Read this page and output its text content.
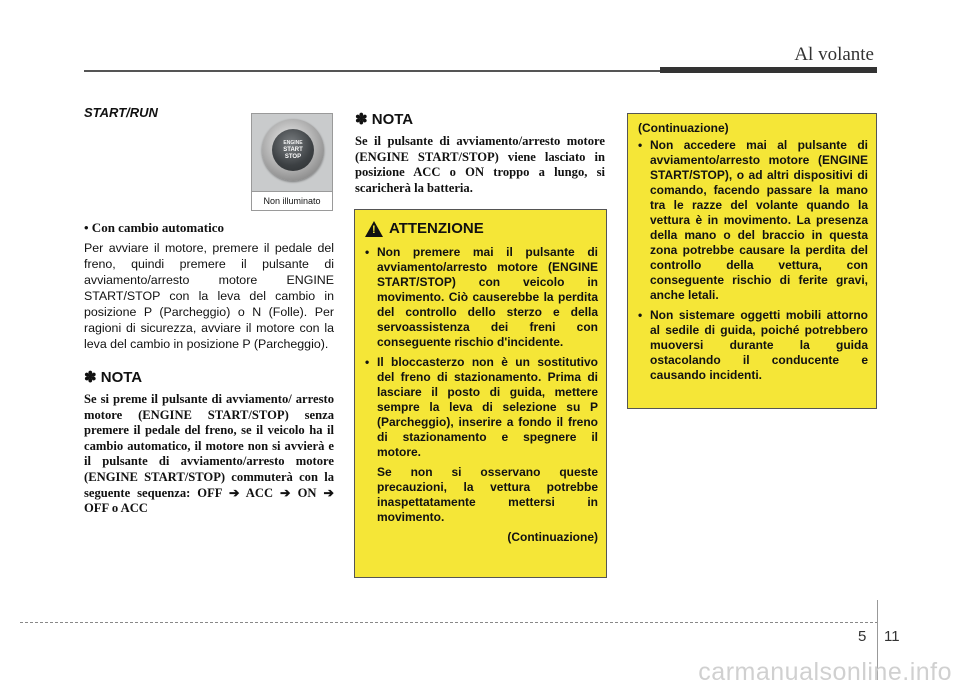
Al volante

START/RUN

• Con cambio automatico

Per avviare il motore, premere il pedale del freno, quindi premere il pulsante di avviamento/arresto motore ENGINE START/STOP con la leva del cambio in posizione P (Parcheggio) o N (Folle). Per ragioni di sicurezza, avviare il motore con la leva del cambio in posizione P (Parcheggio).

✽ NOTA

Se si preme il pulsante di avviamento/ arresto motore (ENGINE START/STOP) senza premere il pedale del freno, se il veicolo ha il cambio automatico, il motore non si avvierà e il pulsante di avviamento/arresto motore (ENGINE START/STOP) commuterà con la seguente sequenza: OFF ➔ ACC ➔ ON ➔ OFF o ACC

ENGINE
START
STOP
Non illuminato
✽ NOTA

Se il pulsante di avviamento/arresto motore (ENGINE START/STOP) viene lasciato in posizione ACC o ON troppo a lungo, si scaricherà la batteria.

!
ATTENZIONE
• Non premere mai il pulsante di avviamento/arresto motore (ENGINE START/STOP) con veicolo in movimento. Ciò causerebbe la perdita del controllo dello sterzo e della servoassistenza dei freni con conseguente rischio d'incidente.
• Il bloccasterzo non è un sostitutivo del freno di stazionamento. Prima di lasciare il posto di guida, mettere sempre la leva di selezione su P (Parcheggio), inserire a fondo il freno di stazionamento e spegnere il motore.
Se non si osservano queste precauzioni, la vettura potrebbe inaspettatamente mettersi in movimento.
(Continuazione)
(Continuazione)
• Non accedere mai al pulsante di avviamento/arresto motore (ENGINE START/STOP), o ad altri dispositivi di comando, facendo passare la mano tra le razze del volante quando la vettura è in movimento. La presenza della mano o del braccio in questa zona potrebbe causare la perdita del controllo della vettura, con conseguente rischio di ferite gravi, anche letali.
• Non sistemare oggetti mobili attorno al sedile di guida, poiché potrebbero muoversi durante la guida ostacolando il conducente e causando incidenti.
5 11
carmanualsonline.info
